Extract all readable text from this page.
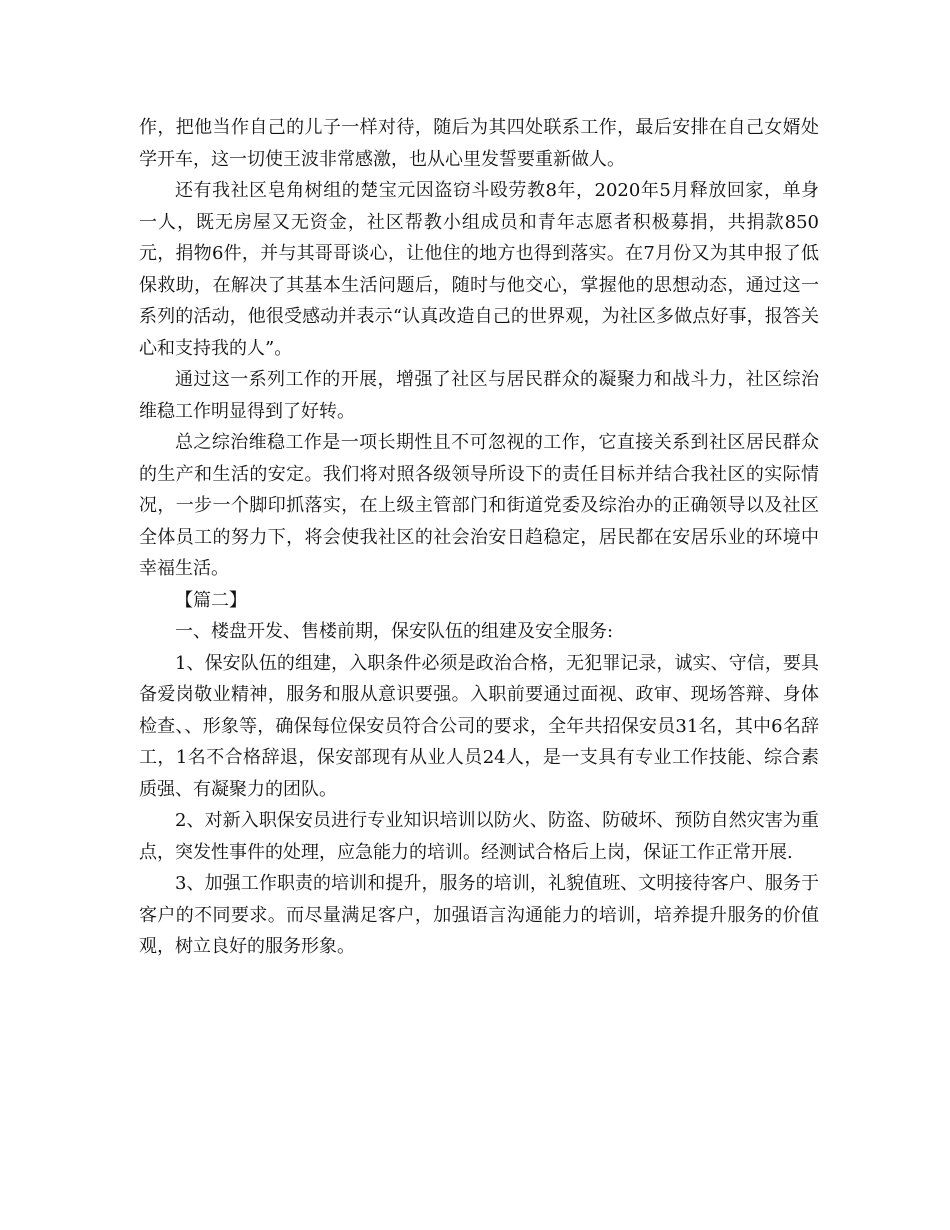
作，把他当作自己的儿子一样对待，随后为其四处联系工作，最后安排在自己女婿处学开车，这一切使王波非常感激，也从心里发誓要重新做人。

还有我社区皂角树组的楚宝元因盗窃斗殴劳教8年，2020年5月释放回家，单身一人，既无房屋又无资金，社区帮教小组成员和青年志愿者积极募捐，共捐款850元，捐物6件，并与其哥哥谈心，让他住的地方也得到落实。在7月份又为其申报了低保救助，在解决了其基本生活问题后，随时与他交心，掌握他的思想动态，通过这一系列的活动，他很受感动并表示“认真改造自己的世界观，为社区多做点好事，报答关心和支持我的人”。

通过这一系列工作的开展，增强了社区与居民群众的凝聚力和战斗力，社区综治维稳工作明显得到了好转。

总之综治维稳工作是一项长期性且不可忽视的工作，它直接关系到社区居民群众的生产和生活的安定。我们将对照各级领导所设下的责任目标并结合我社区的实际情况，一步一个脚印抓落实，在上级主管部门和街道党委及综治办的正确领导以及社区全体员工的努力下，将会使我社区的社会治安日趋稳定，居民都在安居乐业的环境中幸福生活。

【篇二】

一、楼盘开发、售楼前期，保安队伍的组建及安全服务:

1、保安队伍的组建，入职条件必须是政治合格，无犯罪记录，诚实、守信，要具备爱岗敬业精神，服务和服从意识要强。入职前要通过面视、政审、现场答辩、身体检查、、形象等，确保每位保安员符合公司的要求，全年共招保安员31名，其中6名辞工，1名不合格辞退，保安部现有从业人员24人，是一支具有专业工作技能、综合素质强、有凝聚力的团队。

2、对新入职保安员进行专业知识培训以防火、防盗、防破坏、预防自然灾害为重点，突发性事件的处理，应急能力的培训。经测试合格后上岗，保证工作正常开展.

3、加强工作职责的培训和提升，服务的培训，礼貌值班、文明接待客户、服务于客户的不同要求。而尽量满足客户，加强语言沟通能力的培训，培养提升服务的价值观，树立良好的服务形象。
